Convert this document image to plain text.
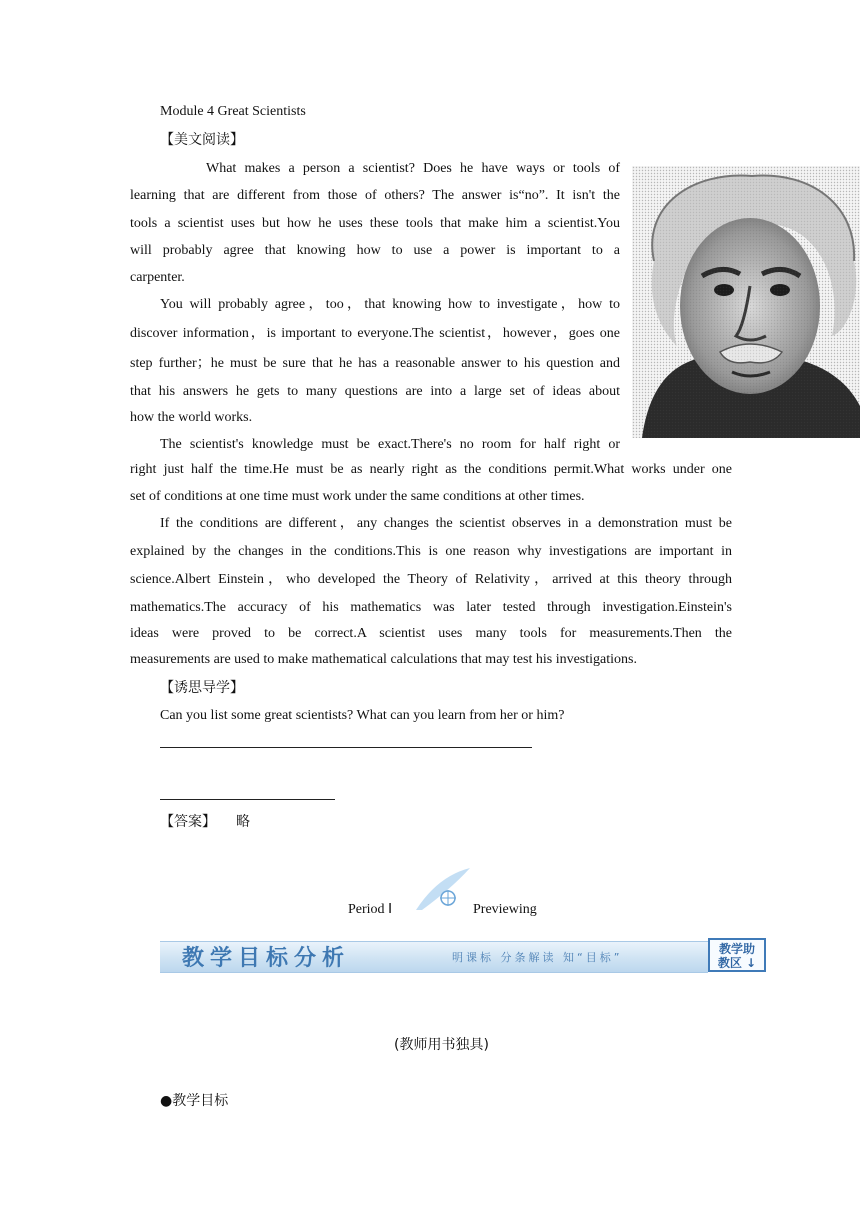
Module 4 Great Scientists
【美文阅读】
What makes a person a scientist? Does he have ways or tools of
learning that are different from those of others? The answer is“no”. It isn't the
tools a scientist uses but how he uses these tools that make him a scientist.You
will probably agree that knowing how to use a power is important to a
carpenter.
You will probably agree，too，that knowing how to investigate，how to
discover information，is important to everyone.The scientist，however，goes one
step further；he must be sure that he has a reasonable answer to his question and
that his answers he gets to many questions are into a large set of ideas about
how the world works.
The scientist's knowledge must be exact.There's no room for half right or
right just half the time.He must be as nearly right as the conditions permit.What works under one
set of conditions at one time must work under the same conditions at other times.
If the conditions are different，any changes the scientist observes in a demonstration must be
explained by the changes in the conditions.This is one reason why investigations are important in
science.Albert Einstein，who developed the Theory of Relativity，arrived at this theory through
mathematics.The accuracy of his mathematics was later tested through investigation.Einstein's
ideas were proved to be correct.A scientist uses many tools for measurements.Then the
measurements are used to make mathematical calculations that may test his investigations.
【诱思导学】
Can you list some great scientists? What can you learn from her or him?
【答案】 略
Period Ⅰ	Previewing
教学目标分析	明课标 分条解读 知“目标”
教学助
教区 ↓
(教师用书独具)
●教学目标
